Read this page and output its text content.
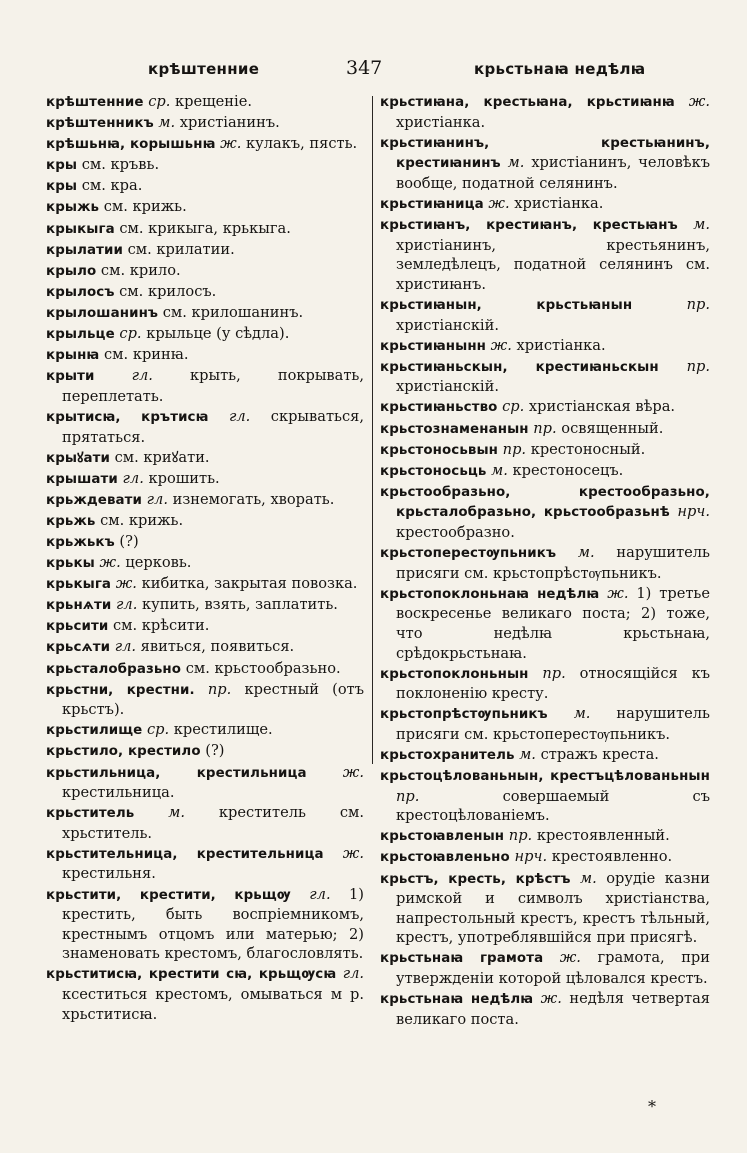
крѣштенние	347	крьстьнаꙗ недѣлꙗ
крѣштенние ср. крещеніе.
крѣштенникъ м. христіанинъ.
крѣшьнꙗ, корышьнꙗ ж. кулакъ, пясть.
кры см. кръвь.
кры см. кра.
крыжь см. крижь.
крыкыга см. крикыга, крькыга.
крылатии см. крилатии.
крыло см. крило.
крылосъ см. крилосъ.
крылошанинъ см. крилошанинъ.
крыльце ср. крыльце (у сѣдла).
крынꙗ см. кринꙗ.
крыти	гл. крыть, покрывать, переплетать.
крытисꙗ, крътисꙗ гл. скрываться, прятаться.
крыꙋати см. криꙋати.
крышати гл. крошить.
крьждевати гл. изнемогать, хворать.
крьжь см. крижь.
крьжькъ (?)
крькы ж. церковь.
крькыга ж. кибитка, закрытая повозка.
крьнѧти гл. купить, взять, заплатить.
крьсити см. крѣсити.
крьсѧти гл. явиться, появиться.
крьсталобразьно см. крьстообразьно.
крьстни, крестни. пр. крестный (отъ крьстъ).
крьстилище ср. крестилище.
крьстило, крестило (?)
крьстильница, крестильница ж. крестильница.
крьститель м. креститель см. хрьститель.
крьстительница, крестительница ж. крестильня.
крьстити, крестити, крьщѹ гл. 1) крестить, быть воспріемникомъ, крестнымъ отцомъ или матерью; 2) знаменовать крестомъ, благословлять.
крьститисꙗ, крестити сꙗ, крьщѹсꙗ гл. ксеститься крестомъ, омываться м р. хрьститисꙗ.
крьстиꙗна, крестьꙗна, крьстиꙗнꙗ ж. христіанка.
крьстиꙗнинъ, крестьꙗнинъ, крестиꙗнинъ м. христіанинъ, человѣкъ вообще, податной селянинъ.
крьстиꙗница ж. христіанка.
крьстиꙗнъ, крестиꙗнъ, крестьꙗнъ м. христіанинъ, крестьянинъ, земледѣлецъ, податной селянинъ см. христиꙗнъ.
крьстиꙗнын, крьстьꙗнын	пр. христіанскій.
крьстиꙗнынн ж. христіанка.
крьстиꙗньскын, крестиꙗньскын пр. христіанскій.
крьстиꙗньство ср. христіанская вѣра.
крьстознаменанын пр. освященный.
крьстоносьвын пр. крестоносный.
крьстоносьць м. крестоносецъ.
крьстообразьно, крестообразьно, крьсталобразьно, крьстообразьнѣ нрч. крестообразно.
крьстоперестѹпьникъ м. нарушитель присяги см. крьстопрѣстѹпьникъ.
крьстопоклоньнаꙗ недѣлꙗ ж. 1) третье воскресенье великаго поста; 2) тоже, что недѣлꙗ крьстьнаꙗ, срѣдокрьстьнаꙗ.
крьстопоклоньнын пр. относящійся къ поклоненію кресту.
крьстопрѣстѹпьникъ м. нарушитель присяги см. крьстоперестѹпьникъ.
крьстохранитель м. стражъ креста.
крьстоцѣлованьнын, крестъцѣлованьнын пр. совершаемый съ крестоцѣлованіемъ.
крьстоꙗвленын пр. крестоявленный.
крьстоꙗвленьно нрч. крестоявленно.
крьстъ, кресть, крѣстъ м. орудіе казни римской и символъ христіанства, напрестольный крестъ, крестъ тѣльный, крестъ, употреблявшійся при присягѣ.
крьстьнаꙗ грамота ж. грамота, при утвержденіи которой цѣловался крестъ.
крьстьнаꙗ недѣлꙗ ж. недѣля четвертая великаго поста.
*
